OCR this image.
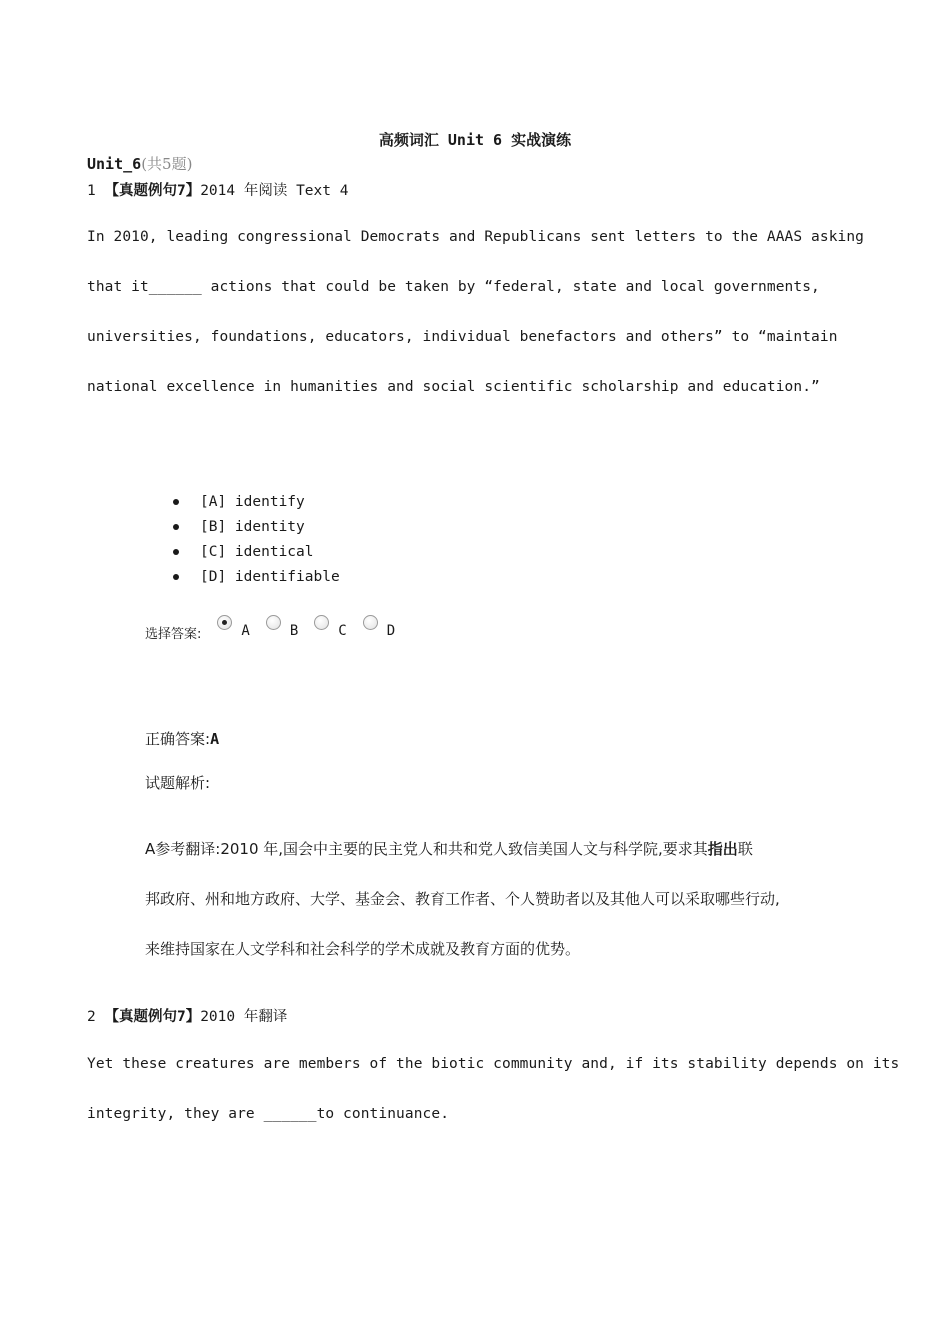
高频词汇 Unit 6 实战演练
Unit_6(共5题)
1 【真题例句7】2014 年阅读 Text 4
In 2010, leading congressional Democrats and Republicans sent letters to the AAAS asking
that it______ actions that could be taken by “federal, state and local governments,
universities, foundations, educators, individual benefactors and others” to “maintain
national excellence in humanities and social scientific scholarship and education.”
[A] identify
[B] identity
[C] identical
[D] identifiable
选择答案:	A	B	C	D
正确答案:A
试题解析:
A参考翻译:2010 年,国会中主要的民主党人和共和党人致信美国人文与科学院,要求其指出联
邦政府、州和地方政府、大学、基金会、教育工作者、个人赞助者以及其他人可以采取哪些行动,
来维持国家在人文学科和社会科学的学术成就及教育方面的优势。
2 【真题例句7】2010 年翻译
Yet these creatures are members of the biotic community and, if its stability depends on its
integrity, they are ______to continuance.
